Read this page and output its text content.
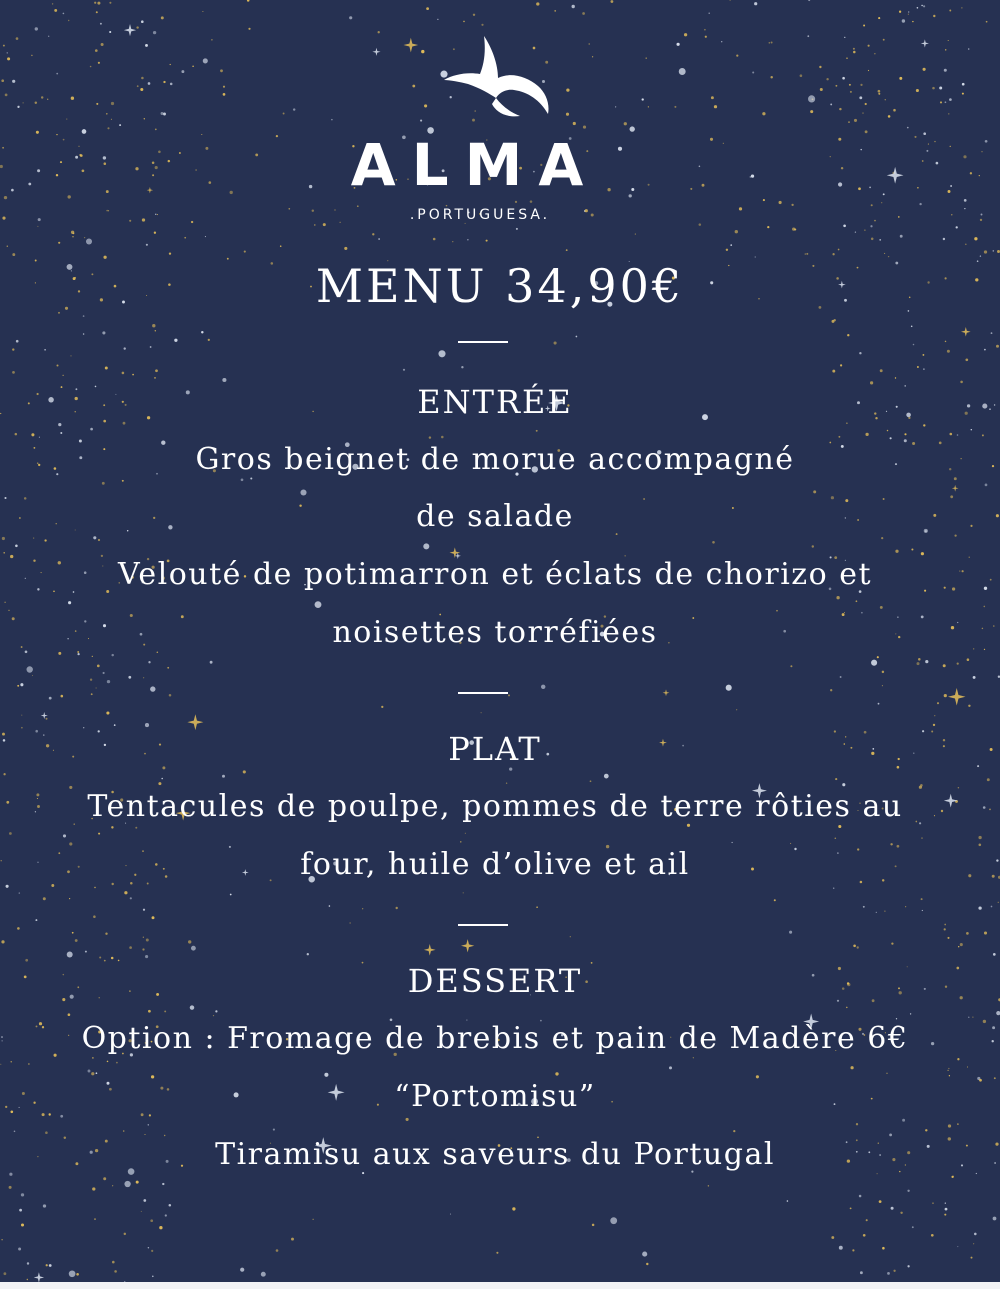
ALMA
.PORTUGUESA.
MENU 34,90€
ENTRÉE
Gros beignet de morue accompagné
de salade
Velouté de potimarron et éclats de chorizo et
noisettes torréfiées
PLAT
Tentacules de poulpe, pommes de terre rôties au
four, huile d’olive et ail
DESSERT
Option : Fromage de brebis et pain de Madère 6€
“Portomisu”
Tiramisu aux saveurs du Portugal
